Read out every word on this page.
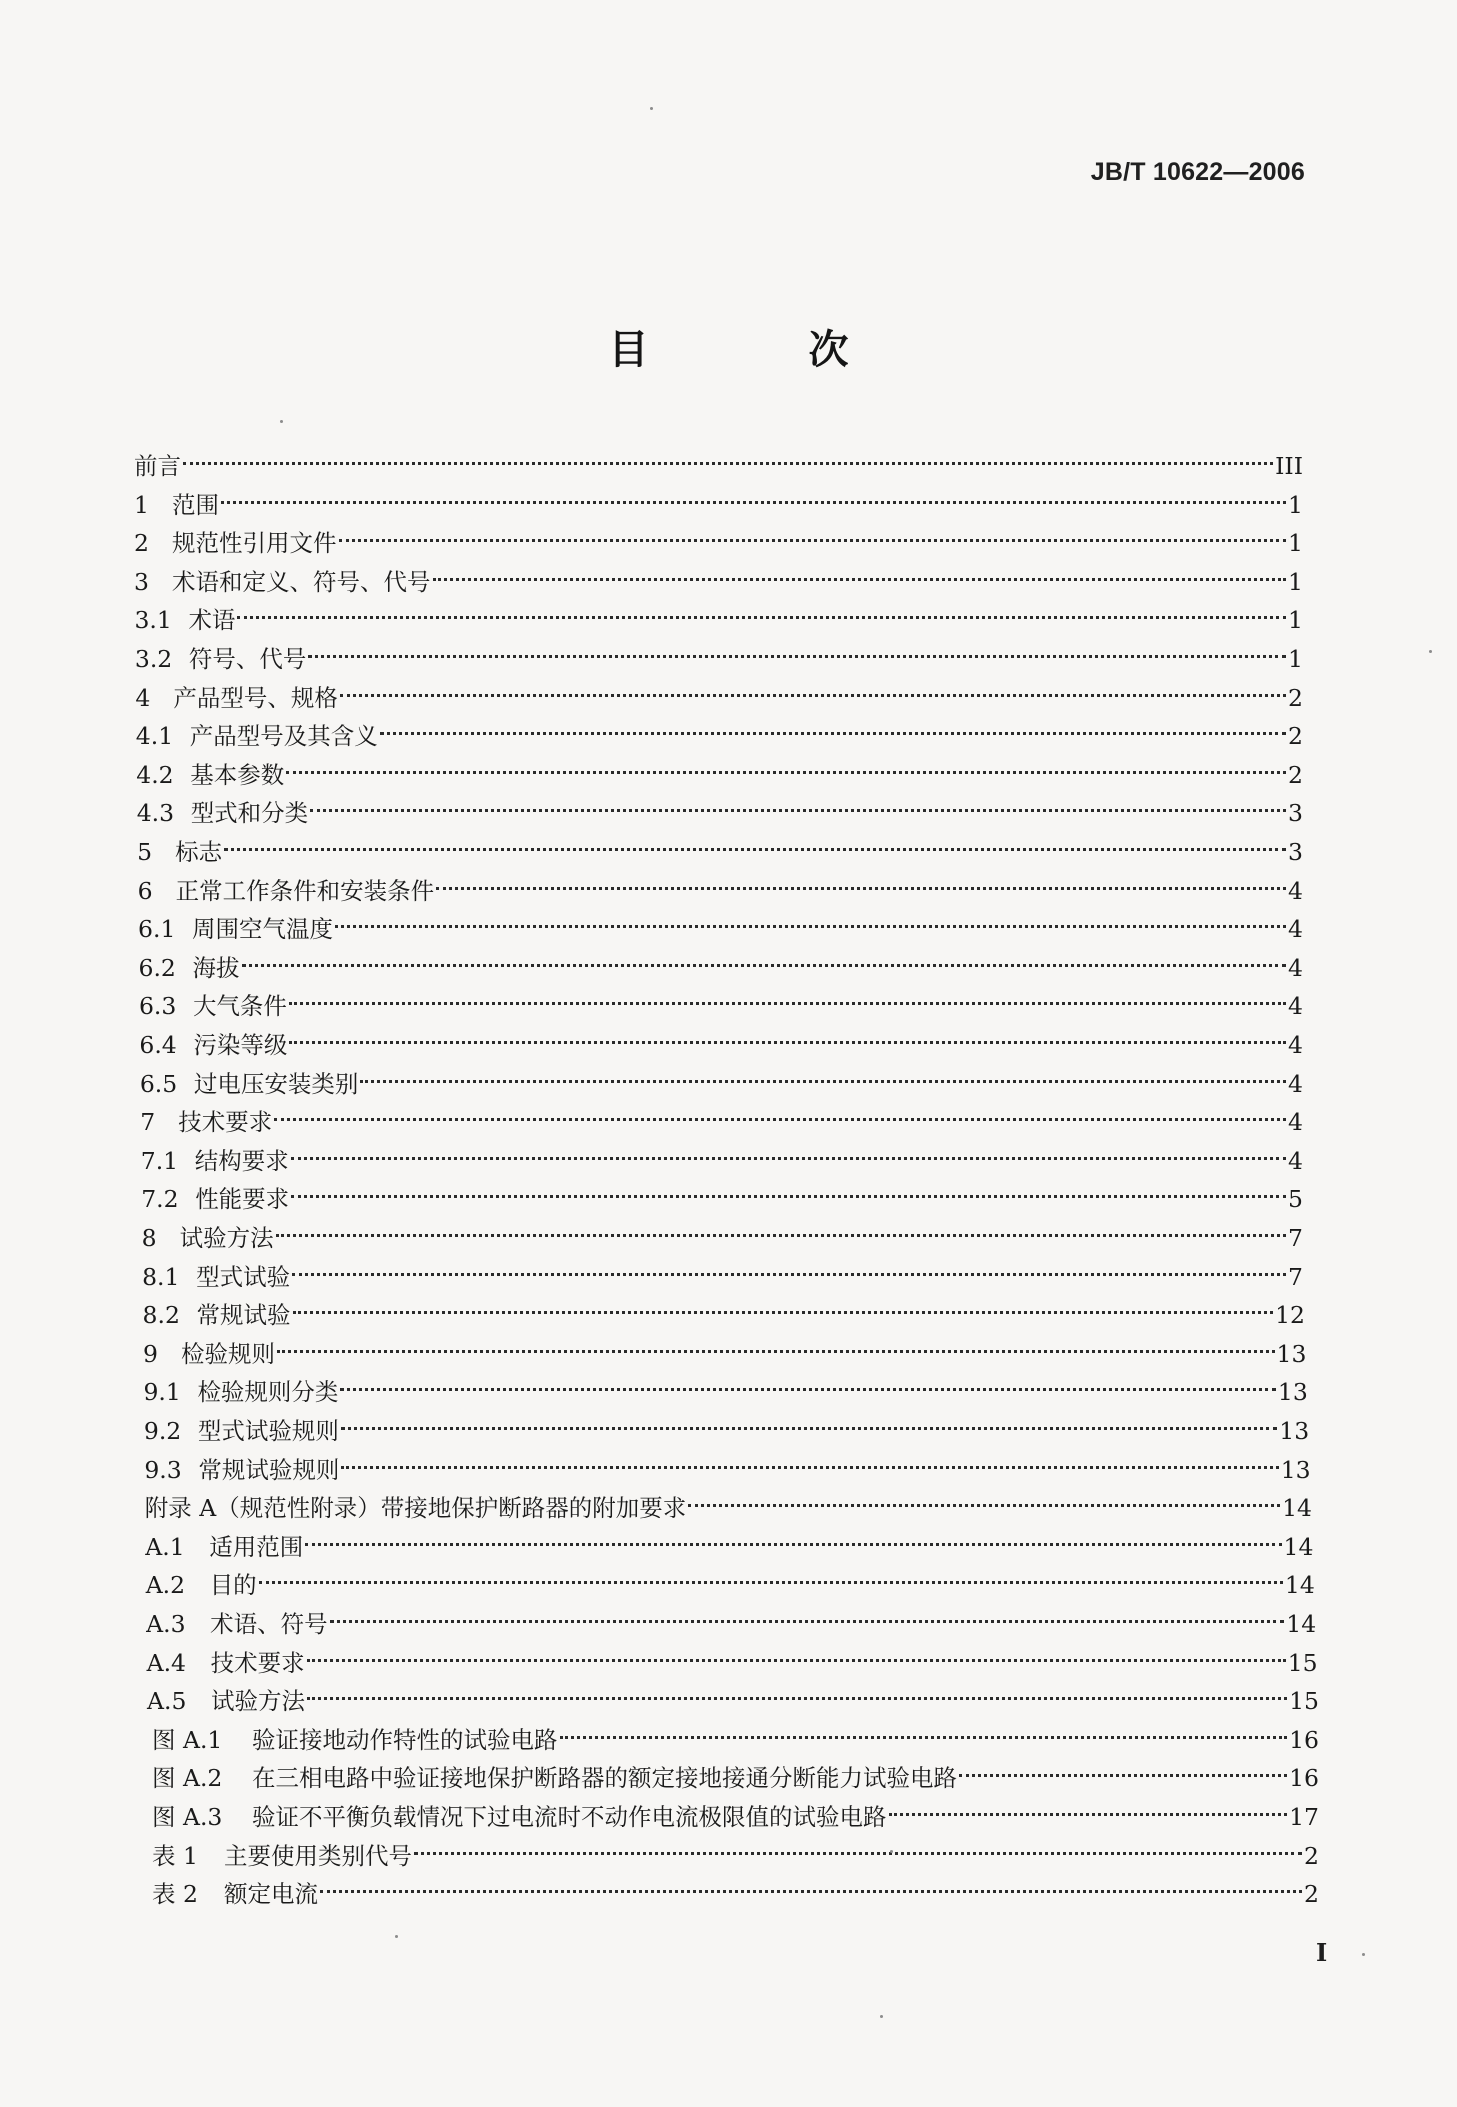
JB/T 10622—2006
目　次
前言	III
1 范围	1
2 规范性引用文件	1
3 术语和定义、符号、代号	1
3.1 术语	1
3.2 符号、代号	1
4 产品型号、规格	2
4.1 产品型号及其含义	2
4.2 基本参数	2
4.3 型式和分类	3
5 标志	3
6 正常工作条件和安装条件	4
6.1 周围空气温度	4
6.2 海拔	4
6.3 大气条件	4
6.4 污染等级	4
6.5 过电压安装类别	4
7 技术要求	4
7.1 结构要求	4
7.2 性能要求	5
8 试验方法	7
8.1 型式试验	7
8.2 常规试验	12
9 检验规则	13
9.1 检验规则分类	13
9.2 型式试验规则	13
9.3 常规试验规则	13
附录 A（规范性附录）带接地保护断路器的附加要求	14
A.1	适用范围	14
A.2	目的	14
A.3	术语、符号	14
A.4	技术要求	15
A.5	试验方法	15
图 A.1	验证接地动作特性的试验电路	16
图 A.2	在三相电路中验证接地保护断路器的额定接地接通分断能力试验电路	16
图 A.3	验证不平衡负载情况下过电流时不动作电流极限值的试验电路	17
表 1	主要使用类别代号	2
表 2	额定电流	2
I
